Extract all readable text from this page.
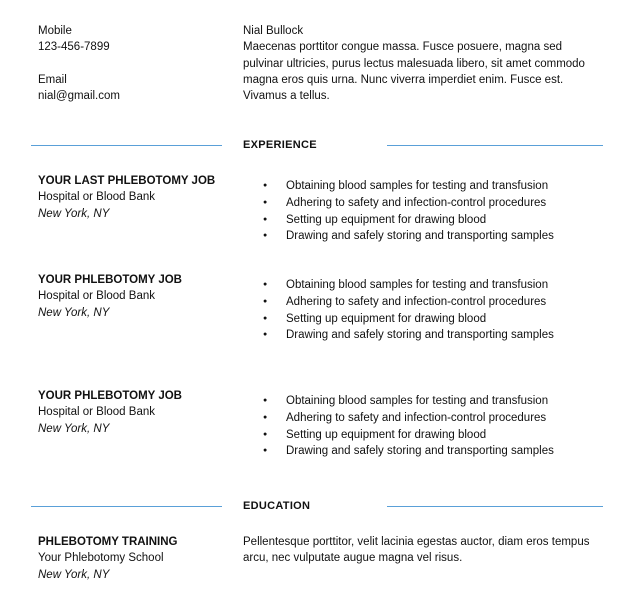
Mobile
123-456-7899
Email
nial@gmail.com
Nial Bullock
Maecenas porttitor congue massa. Fusce posuere, magna sed pulvinar ultricies, purus lectus malesuada libero, sit amet commodo magna eros quis urna. Nunc viverra imperdiet enim. Fusce est. Vivamus a tellus.
EXPERIENCE
YOUR LAST PHLEBOTOMY JOB
Hospital or Blood Bank
New York, NY
● Obtaining blood samples for testing and transfusion
● Adhering to safety and infection-control procedures
● Setting up equipment for drawing blood
● Drawing and safely storing and transporting samples
YOUR PHLEBOTOMY JOB
Hospital or Blood Bank
New York, NY
● Obtaining blood samples for testing and transfusion
● Adhering to safety and infection-control procedures
● Setting up equipment for drawing blood
● Drawing and safely storing and transporting samples
YOUR PHLEBOTOMY JOB
Hospital or Blood Bank
New York, NY
● Obtaining blood samples for testing and transfusion
● Adhering to safety and infection-control procedures
● Setting up equipment for drawing blood
● Drawing and safely storing and transporting samples
EDUCATION
PHLEBOTOMY TRAINING
Your Phlebotomy School
New York, NY
Pellentesque porttitor, velit lacinia egestas auctor, diam eros tempus arcu, nec vulputate augue magna vel risus.
